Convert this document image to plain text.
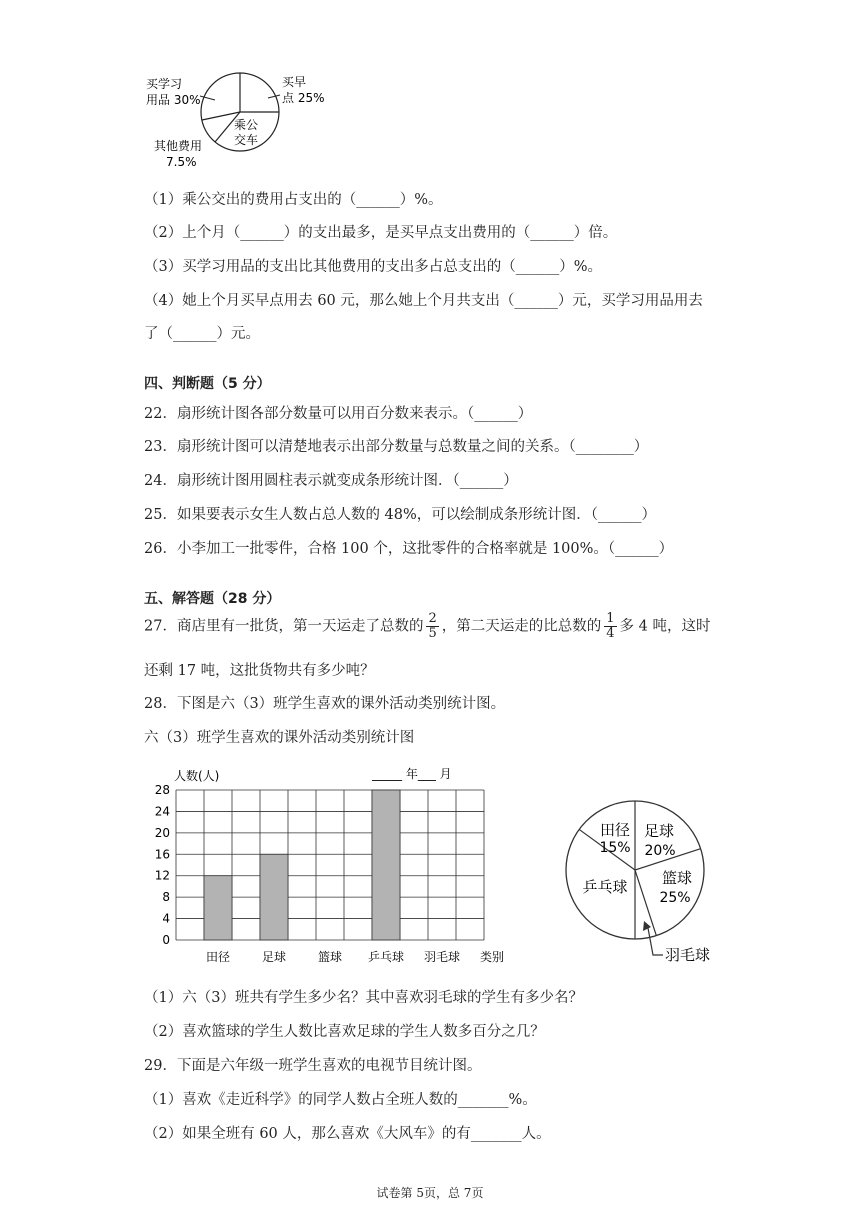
买学习
用品 30%
买早
点 25%
乘公
交车
其他费用
7.5%
（1）乘公交出的费用占支出的（______）%。
（2）上个月（______）的支出最多，是买早点支出费用的（______）倍。
（3）买学习用品的支出比其他费用的支出多占总支出的（______）%。
（4）她上个月买早点用去 60 元，那么她上个月共支出（______）元，买学习用品用去
了（______）元。
四、判断题（5 分）
22．扇形统计图各部分数量可以用百分数来表示。（______）
23．扇形统计图可以清楚地表示出部分数量与总数量之间的关系。（________）
24．扇形统计图用圆柱表示就变成条形统计图．（______）
25．如果要表示女生人数占总人数的 48%，可以绘制成条形统计图．（______）
26．小李加工一批零件，合格 100 个，这批零件的合格率就是 100%。（______）
五、解答题（28 分）
27．商店里有一批货，第一天运走了总数的 $\frac{2}{5}$ ，第二天运走的比总数的 $\frac{1}{4}$ 多 4 吨，这时
还剩 17 吨，这批货物共有多少吨？
28．下图是六（3）班学生喜欢的课外活动类别统计图。
六（3）班学生喜欢的课外活动类别统计图
0
4
8
12
16
20
24
28
人数(人)	_____ 年___ 月
类别
田径	足球	篮球 乒乓球 羽毛球
田径
15%
足球
20%
篮球
25%
乒乓球
羽毛球
（1）六（3）班共有学生多少名？其中喜欢羽毛球的学生有多少名？
（2）喜欢篮球的学生人数比喜欢足球的学生人数多百分之几？
29．下面是六年级一班学生喜欢的电视节目统计图。
（1）喜欢《走近科学》的同学人数占全班人数的_______%。
（2）如果全班有 60 人，那么喜欢《大风车》的有_______人。
试卷第 5页，总 7页
